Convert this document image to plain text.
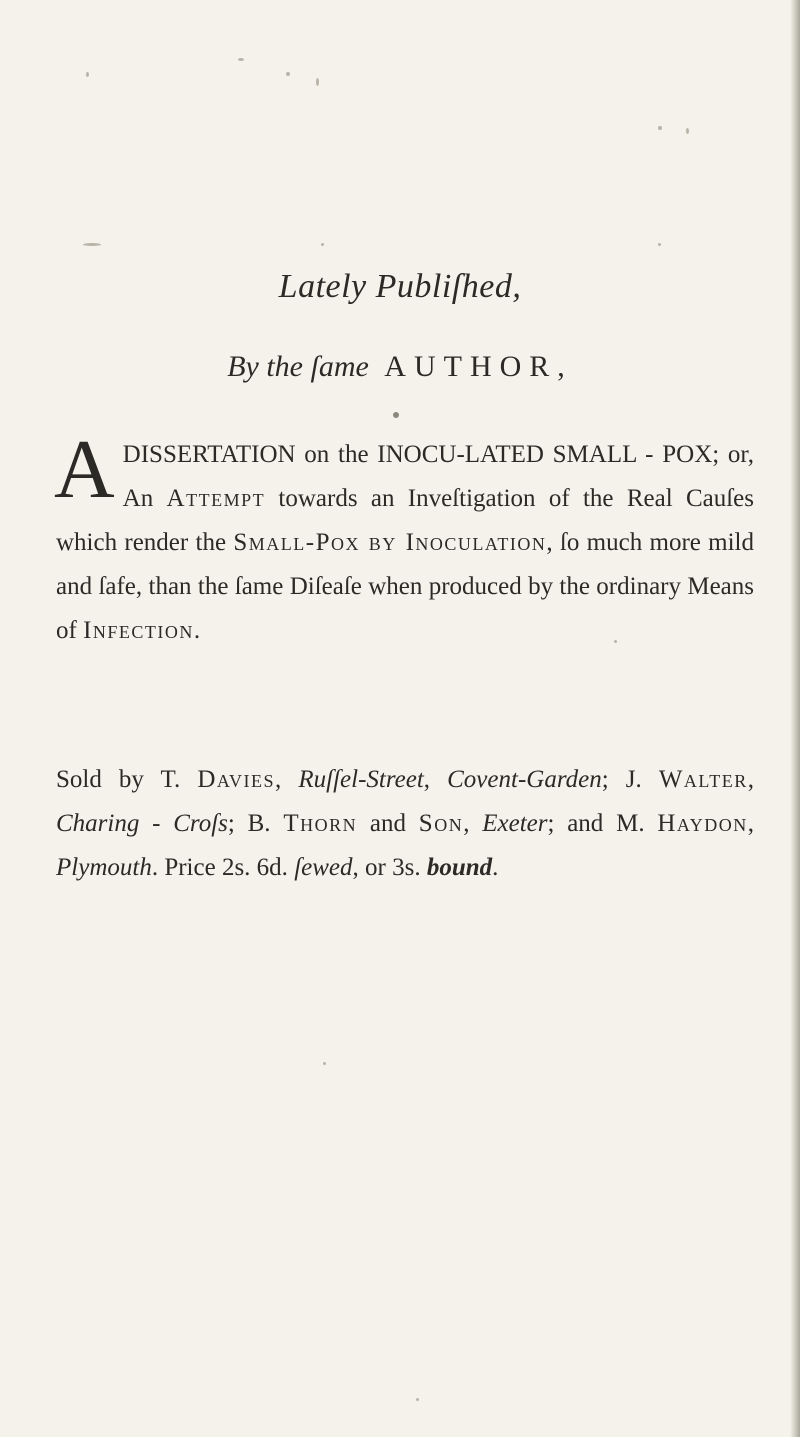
Lately Publiſhed,

By the ſame AUTHOR,

ADISSERTATION on the INOCU-LATED SMALL - POX; or, An Attempt towards an Inveſtigation of the Real Cauſes which render the Small-Pox by Inoculation, ſo much more mild and ſafe, than the ſame Diſeaſe when produced by the ordinary Means of Infection.

Sold by T. Davies, Ruſſel-Street, Covent-Garden; J. Walter, Charing - Croſs; B. Thorn and Son, Exeter; and M. Haydon, Plymouth. Price 2s. 6d. ſewed, or 3s. bound.
